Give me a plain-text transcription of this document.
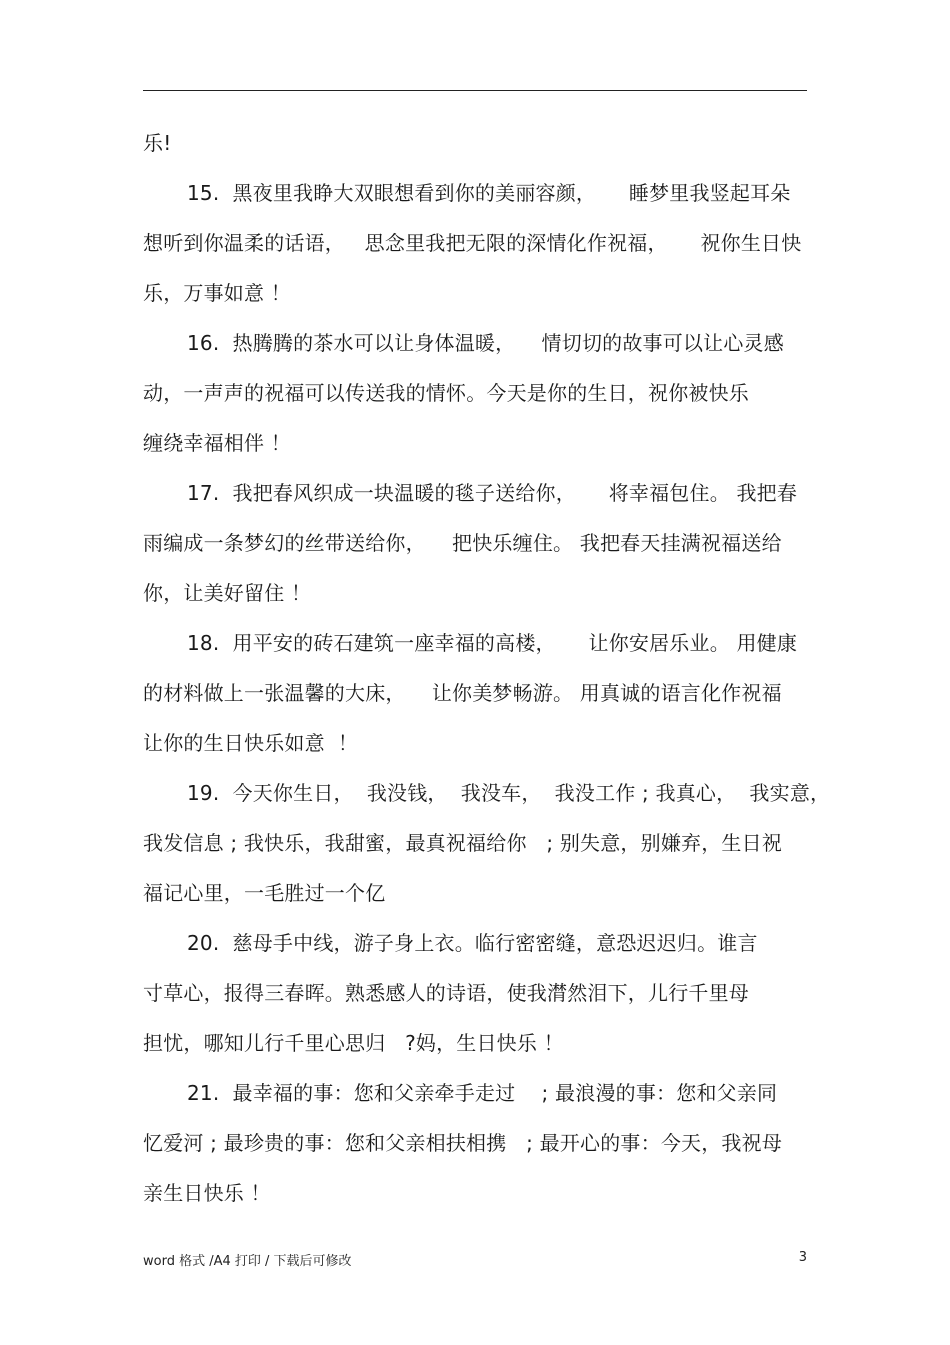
乐!
15.  黑夜里我睁大双眼想看到你的美丽容颜，     睡梦里我竖起耳朵
想听到你温柔的话语，   思念里我把无限的深情化作祝福，     祝你生日快
乐，万事如意 ！
16.  热腾腾的茶水可以让身体温暖，    情切切的故事可以让心灵感
动，一声声的祝福可以传送我的情怀。今天是你的生日，祝你被快乐
缠绕幸福相伴 ！
17.  我把春风织成一块温暖的毯子送给你，     将幸福包住。 我把春
雨编成一条梦幻的丝带送给你，    把快乐缠住。 我把春天挂满祝福送给
你，让美好留住 ！
18.  用平安的砖石建筑一座幸福的高楼，     让你安居乐业。 用健康
的材料做上一张温馨的大床，    让你美梦畅游。 用真诚的语言化作祝福
让你的生日快乐如意  ！
19.  今天你生日，  我没钱，  我没车，  我没工作 ; 我真心，  我实意，
我发信息 ; 我快乐，我甜蜜，最真祝福给你   ; 别失意，别嫌弃，生日祝
福记心里，一毛胜过一个亿
20.  慈母手中线，游子身上衣。临行密密缝，意恐迟迟归。谁言
寸草心，报得三春晖。熟悉感人的诗语，使我潸然泪下，儿行千里母
担忧，哪知儿行千里心思归   ?妈，生日快乐 ！
21.  最幸福的事：您和父亲牵手走过    ; 最浪漫的事：您和父亲同
忆爱河 ; 最珍贵的事：您和父亲相扶相携   ; 最开心的事：今天，我祝母
亲生日快乐 ！
word 格式 /A4 打印 / 下载后可修改	3
